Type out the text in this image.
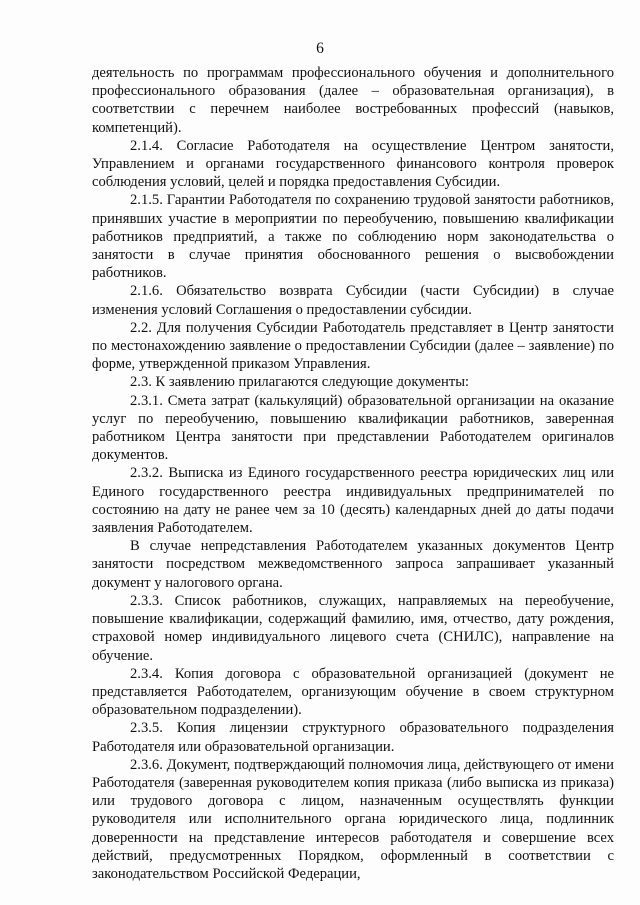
6

деятельность по программам профессионального обучения и дополнительного профессионального образования (далее – образовательная организация), в соответствии с перечнем наиболее востребованных профессий (навыков, компетенций).

2.1.4. Согласие Работодателя на осуществление Центром занятости, Управлением и органами государственного финансового контроля проверок соблюдения условий, целей и порядка предоставления Субсидии.

2.1.5. Гарантии Работодателя по сохранению трудовой занятости работников, принявших участие в мероприятии по переобучению, повышению квалификации работников предприятий, а также по соблюдению норм законодательства о занятости в случае принятия обоснованного решения о высвобождении работников.

2.1.6. Обязательство возврата Субсидии (части Субсидии) в случае изменения условий Соглашения о предоставлении субсидии.

2.2. Для получения Субсидии Работодатель представляет в Центр занятости по местонахождению заявление о предоставлении Субсидии (далее – заявление) по форме, утвержденной приказом Управления.

2.3. К заявлению прилагаются следующие документы:

2.3.1. Смета затрат (калькуляций) образовательной организации на оказание услуг по переобучению, повышению квалификации работников, заверенная работником Центра занятости при представлении Работодателем оригиналов документов.

2.3.2. Выписка из Единого государственного реестра юридических лиц или Единого государственного реестра индивидуальных предпринимателей по состоянию на дату не ранее чем за 10 (десять) календарных дней до даты подачи заявления Работодателем.

В случае непредставления Работодателем указанных документов Центр занятости посредством межведомственного запроса запрашивает указанный документ у налогового органа.

2.3.3. Список работников, служащих, направляемых на переобучение, повышение квалификации, содержащий фамилию, имя, отчество, дату рождения, страховой номер индивидуального лицевого счета (СНИЛС), направление на обучение.

2.3.4. Копия договора с образовательной организацией (документ не представляется Работодателем, организующим обучение в своем структурном образовательном подразделении).

2.3.5. Копия лицензии структурного образовательного подразделения Работодателя или образовательной организации.

2.3.6. Документ, подтверждающий полномочия лица, действующего от имени Работодателя (заверенная руководителем копия приказа (либо выписка из приказа) или трудового договора с лицом, назначенным осуществлять функции руководителя или исполнительного органа юридического лица, подлинник доверенности на представление интересов работодателя и совершение всех действий, предусмотренных Порядком, оформленный в соответствии с законодательством Российской Федерации,
